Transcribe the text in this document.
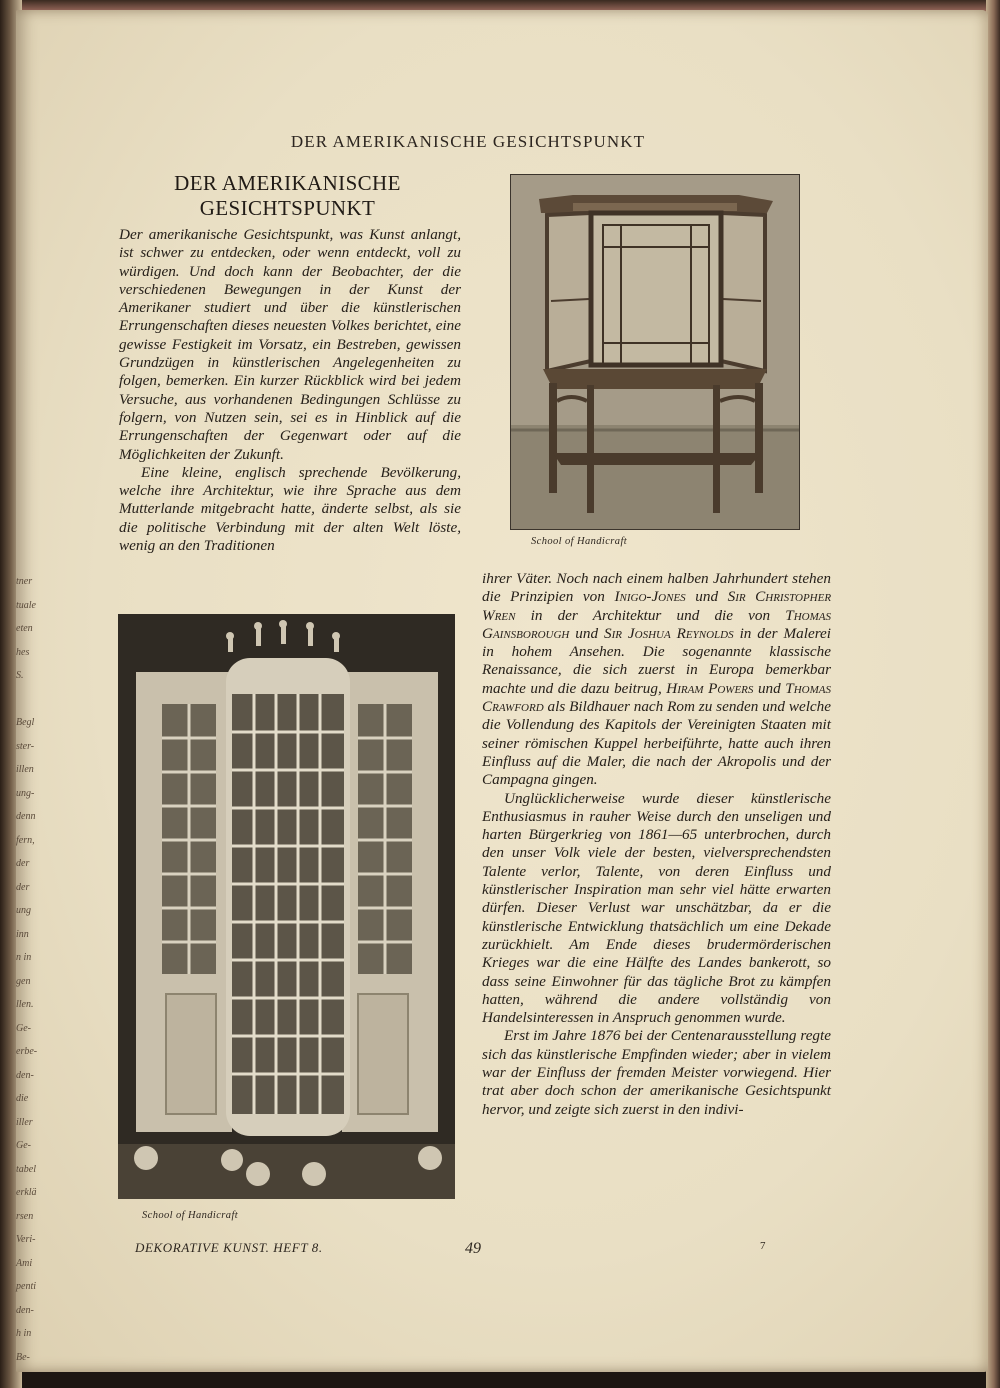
tner
tuale
eten
hes
S.

Begl
ster-
illen
ung-
denn
fern,
der
der
ung
inn
n in
gen
llen.
Ge-
erbe-
den-
die
iller
Ge-
tabel
erklä
rsen
Veri-
Ami
penti
den-
h in
Be-
DER AMERIKANISCHE GESICHTSPUNKT
DER AMERIKANISCHE
GESICHTSPUNKT

Der amerikanische Gesichtspunkt, was Kunst anlangt, ist schwer zu entdecken, oder wenn entdeckt, voll zu würdigen. Und doch kann der Beobachter, der die verschiedenen Bewegungen in der Kunst der Amerikaner studiert und über die künstlerischen Errungenschaften dieses neuesten Volkes berichtet, eine gewisse Festigkeit im Vorsatz, ein Bestreben, gewissen Grundzügen in künstlerischen Angelegenheiten zu folgen, bemerken. Ein kurzer Rückblick wird bei jedem Versuche, aus vorhandenen Bedingungen Schlüsse zu folgern, von Nutzen sein, sei es in Hinblick auf die Errungenschaften der Gegenwart oder auf die Möglichkeiten der Zukunft.

Eine kleine, englisch sprechende Bevölkerung, welche ihre Architektur, wie ihre Sprache aus dem Mutterlande mitgebracht hatte, änderte selbst, als sie die politische Verbindung mit der alten Welt löste, wenig an den Traditionen	School of Handicraft
School of Handicraft

ihrer Väter. Noch nach einem halben Jahrhundert stehen die Prinzipien von Inigo-Jones und Sir Christopher Wren in der Architektur und die von Thomas Gainsborough und Sir Joshua Reynolds in der Malerei in hohem Ansehen. Die sogenannte klassische Renaissance, die sich zuerst in Europa bemerkbar machte und die dazu beitrug, Hiram Powers und Thomas Crawford als Bildhauer nach Rom zu senden und welche die Vollendung des Kapitols der Vereinigten Staaten mit seiner römischen Kuppel herbeiführte, hatte auch ihren Einfluss auf die Maler, die nach der Akropolis und der Campagna gingen.

Unglücklicherweise wurde dieser künstlerische Enthusiasmus in rauher Weise durch den unseligen und harten Bürgerkrieg von 1861—65 unterbrochen, durch den unser Volk viele der besten, vielversprechendsten Talente verlor, Talente, von deren Einfluss und künstlerischer Inspiration man sehr viel hätte erwarten dürfen. Dieser Verlust war unschätzbar, da er die künstlerische Entwicklung thatsächlich um eine Dekade zurückhielt. Am Ende dieses brudermörderischen Krieges war die eine Hälfte des Landes bankerott, so dass seine Einwohner für das tägliche Brot zu kämpfen hatten, während die andere vollständig von Handelsinteressen in Anspruch genommen wurde.

Erst im Jahre 1876 bei der Centenarausstellung regte sich das künstlerische Empfinden wieder; aber in vielem war der Einfluss der fremden Meister vorwiegend. Hier trat aber doch schon der amerikanische Gesichtspunkt hervor, und zeigte sich zuerst in den indivi-

DEKORATIVE KUNST. HEFT 8.	49	7
